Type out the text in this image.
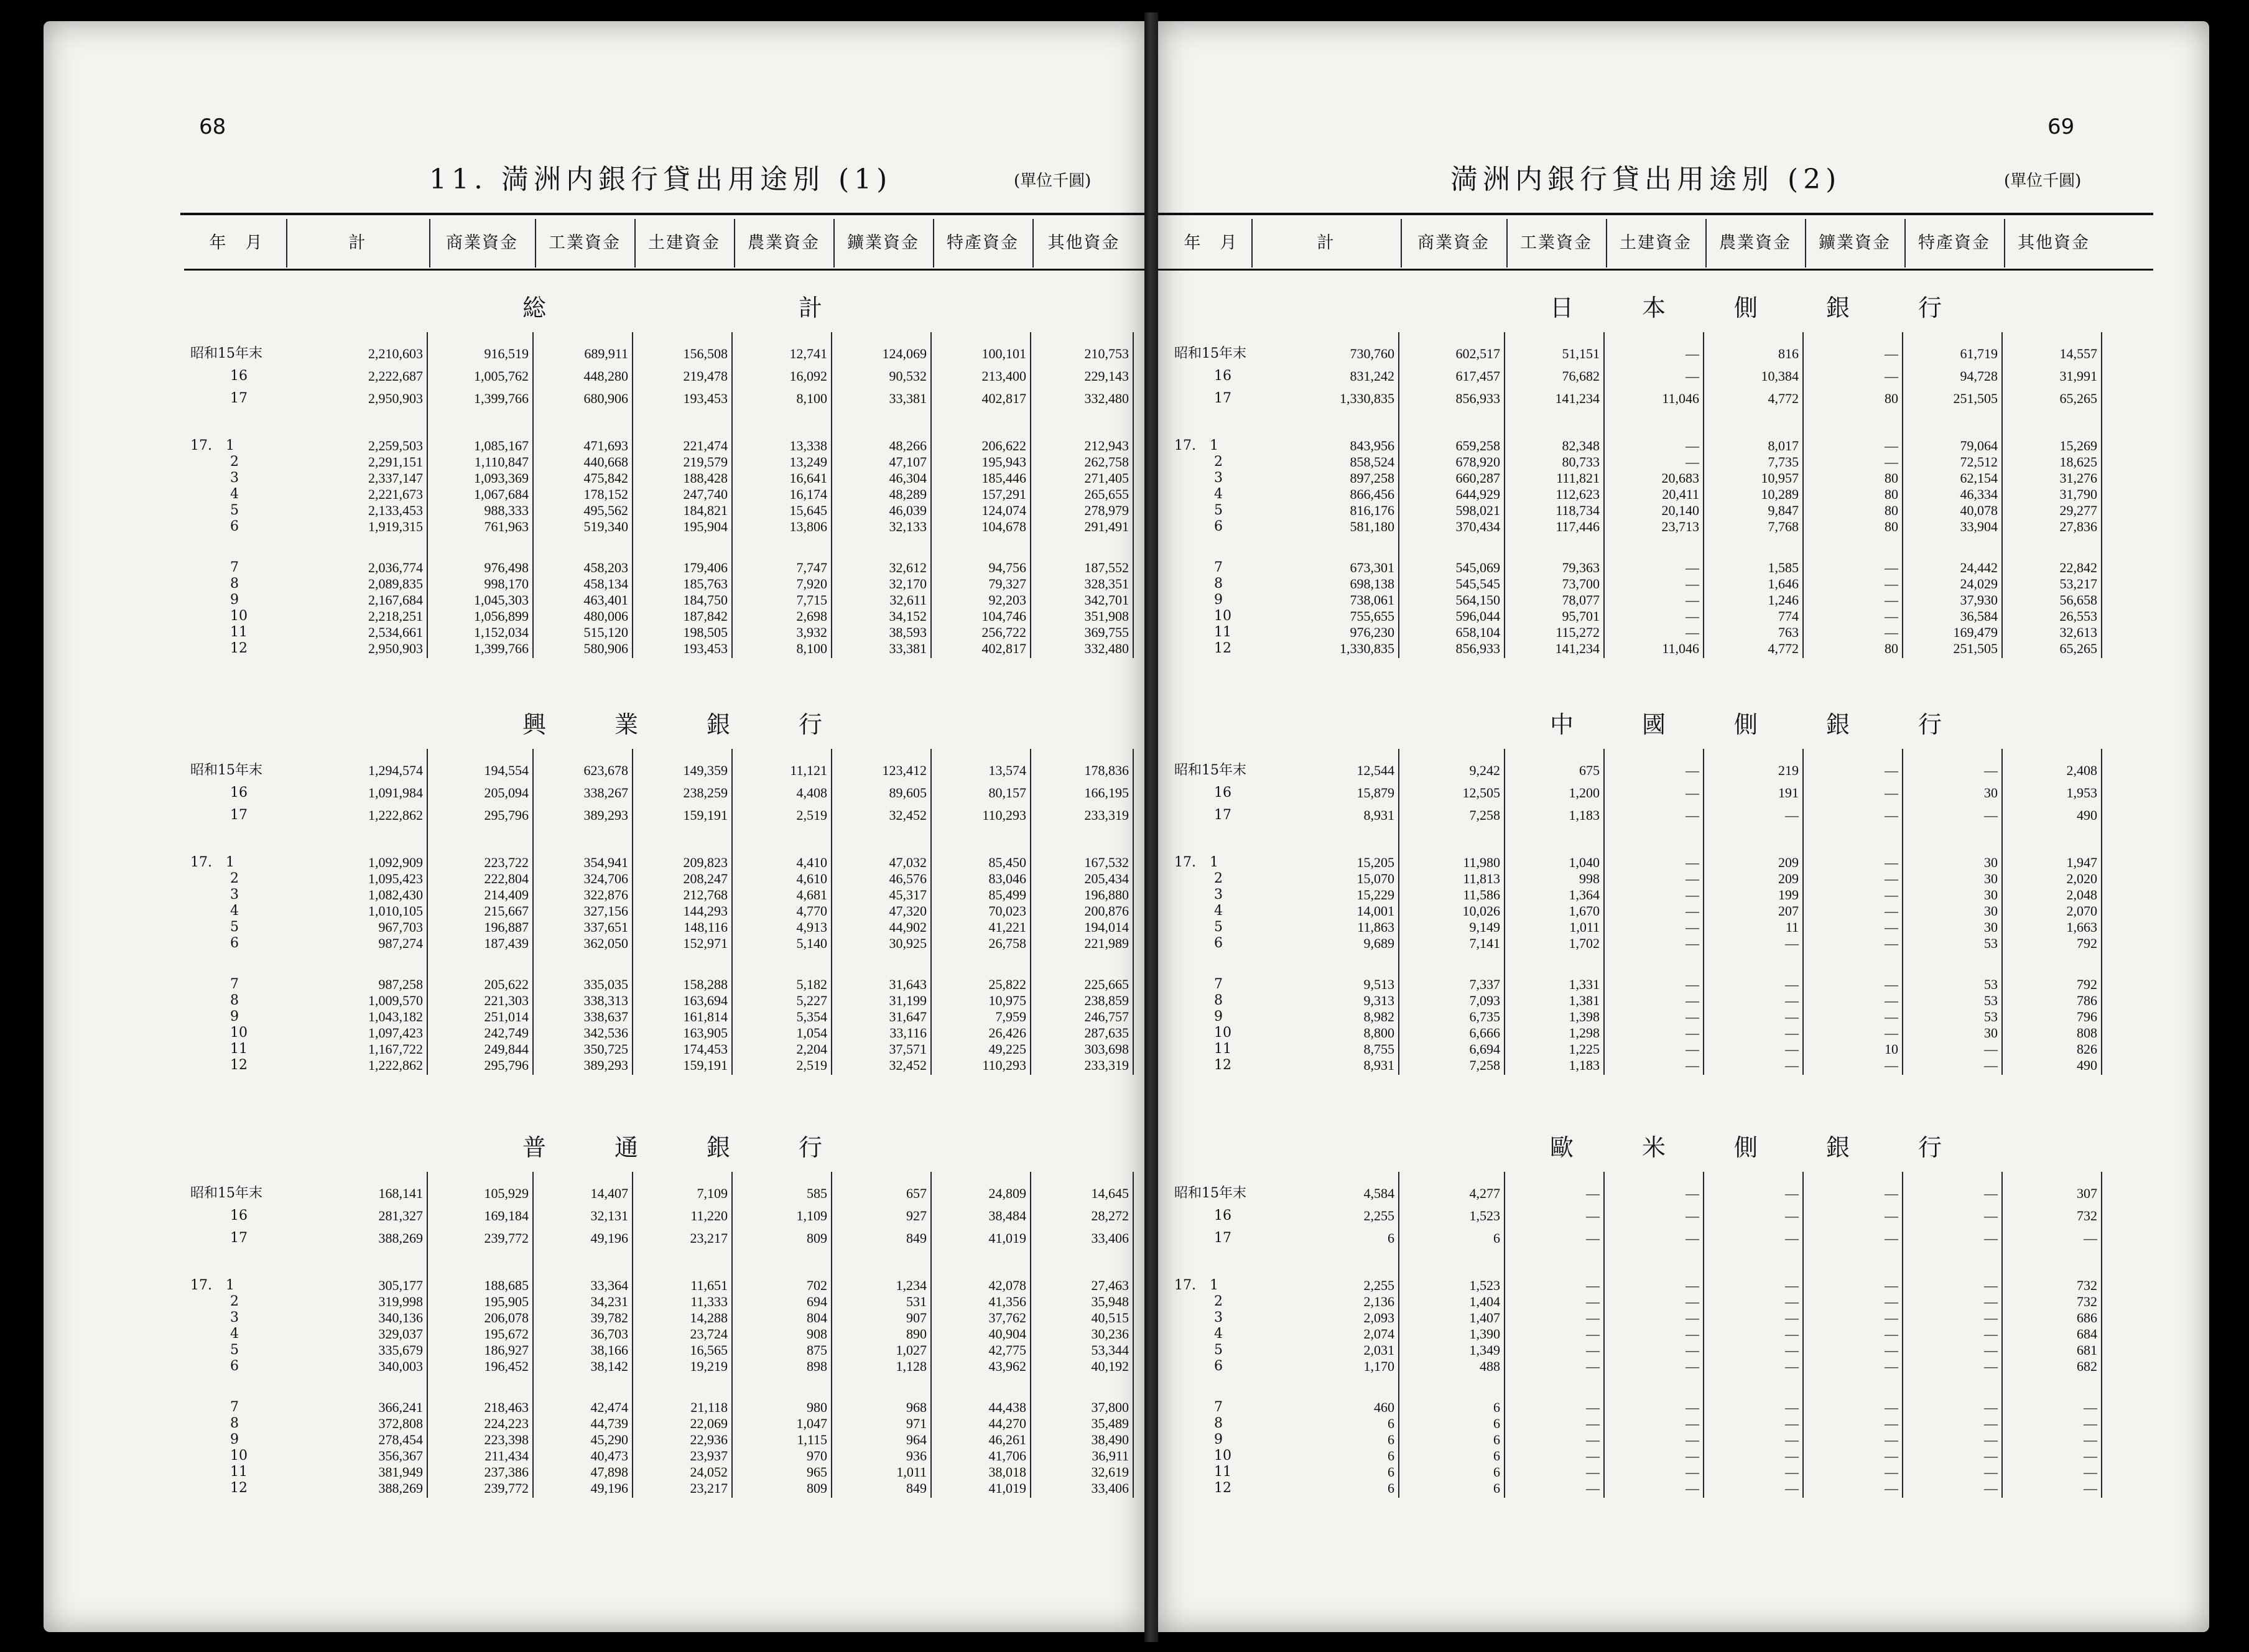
68
11. 満洲内銀行貸出用途別 (1)	(單位千圓)
年　月	計	商業資金	工業資金	土建資金	農業資金	鑛業資金	特產資金	其他資金
総　　計
昭和15年末	2,210,603	916,519	689,911	156,508	12,741	124,069	100,101	210,753
16	2,222,687	1,005,762	448,280	219,478	16,092	90,532	213,400	229,143
17	2,950,903	1,399,766	680,906	193,453	8,100	33,381	402,817	332,480
17.　1	2,259,503	1,085,167	471,693	221,474	13,338	48,266	206,622	212,943
2	2,291,151	1,110,847	440,668	219,579	13,249	47,107	195,943	262,758
3	2,337,147	1,093,369	475,842	188,428	16,641	46,304	185,446	271,405
4	2,221,673	1,067,684	178,152	247,740	16,174	48,289	157,291	265,655
5	2,133,453	988,333	495,562	184,821	15,645	46,039	124,074	278,979
6	1,919,315	761,963	519,340	195,904	13,806	32,133	104,678	291,491
7	2,036,774	976,498	458,203	179,406	7,747	32,612	94,756	187,552
8	2,089,835	998,170	458,134	185,763	7,920	32,170	79,327	328,351
9	2,167,684	1,045,303	463,401	184,750	7,715	32,611	92,203	342,701
10	2,218,251	1,056,899	480,006	187,842	2,698	34,152	104,746	351,908
11	2,534,661	1,152,034	515,120	198,505	3,932	38,593	256,722	369,755
12	2,950,903	1,399,766	580,906	193,453	8,100	33,381	402,817	332,480
興業銀行
昭和15年末	1,294,574	194,554	623,678	149,359	11,121	123,412	13,574	178,836
16	1,091,984	205,094	338,267	238,259	4,408	89,605	80,157	166,195
17	1,222,862	295,796	389,293	159,191	2,519	32,452	110,293	233,319
17.　1	1,092,909	223,722	354,941	209,823	4,410	47,032	85,450	167,532
2	1,095,423	222,804	324,706	208,247	4,610	46,576	83,046	205,434
3	1,082,430	214,409	322,876	212,768	4,681	45,317	85,499	196,880
4	1,010,105	215,667	327,156	144,293	4,770	47,320	70,023	200,876
5	967,703	196,887	337,651	148,116	4,913	44,902	41,221	194,014
6	987,274	187,439	362,050	152,971	5,140	30,925	26,758	221,989
7	987,258	205,622	335,035	158,288	5,182	31,643	25,822	225,665
8	1,009,570	221,303	338,313	163,694	5,227	31,199	10,975	238,859
9	1,043,182	251,014	338,637	161,814	5,354	31,647	7,959	246,757
10	1,097,423	242,749	342,536	163,905	1,054	33,116	26,426	287,635
11	1,167,722	249,844	350,725	174,453	2,204	37,571	49,225	303,698
12	1,222,862	295,796	389,293	159,191	2,519	32,452	110,293	233,319
普通銀行
昭和15年末	168,141	105,929	14,407	7,109	585	657	24,809	14,645
16	281,327	169,184	32,131	11,220	1,109	927	38,484	28,272
17	388,269	239,772	49,196	23,217	809	849	41,019	33,406
17.　1	305,177	188,685	33,364	11,651	702	1,234	42,078	27,463
2	319,998	195,905	34,231	11,333	694	531	41,356	35,948
3	340,136	206,078	39,782	14,288	804	907	37,762	40,515
4	329,037	195,672	36,703	23,724	908	890	40,904	30,236
5	335,679	186,927	38,166	16,565	875	1,027	42,775	53,344
6	340,003	196,452	38,142	19,219	898	1,128	43,962	40,192
7	366,241	218,463	42,474	21,118	980	968	44,438	37,800
8	372,808	224,223	44,739	22,069	1,047	971	44,270	35,489
9	278,454	223,398	45,290	22,936	1,115	964	46,261	38,490
10	356,367	211,434	40,473	23,937	970	936	41,706	36,911
11	381,949	237,386	47,898	24,052	965	1,011	38,018	32,619
12	388,269	239,772	49,196	23,217	809	849	41,019	33,406
69
満洲内銀行貸出用途別 (2)	(單位千圓)
年　月	計	商業資金	工業資金	土建資金	農業資金	鑛業資金	特產資金	其他資金
日本側銀行
昭和15年末	730,760	602,517	51,151	—	816	—	61,719	14,557
16	831,242	617,457	76,682	—	10,384	—	94,728	31,991
17	1,330,835	856,933	141,234	11,046	4,772	80	251,505	65,265
17.　1	843,956	659,258	82,348	—	8,017	—	79,064	15,269
2	858,524	678,920	80,733	—	7,735	—	72,512	18,625
3	897,258	660,287	111,821	20,683	10,957	80	62,154	31,276
4	866,456	644,929	112,623	20,411	10,289	80	46,334	31,790
5	816,176	598,021	118,734	20,140	9,847	80	40,078	29,277
6	581,180	370,434	117,446	23,713	7,768	80	33,904	27,836
7	673,301	545,069	79,363	—	1,585	—	24,442	22,842
8	698,138	545,545	73,700	—	1,646	—	24,029	53,217
9	738,061	564,150	78,077	—	1,246	—	37,930	56,658
10	755,655	596,044	95,701	—	774	—	36,584	26,553
11	976,230	658,104	115,272	—	763	—	169,479	32,613
12	1,330,835	856,933	141,234	11,046	4,772	80	251,505	65,265
中國側銀行
昭和15年末	12,544	9,242	675	—	219	—	—	2,408
16	15,879	12,505	1,200	—	191	—	30	1,953
17	8,931	7,258	1,183	—	—	—	—	490
17.　1	15,205	11,980	1,040	—	209	—	30	1,947
2	15,070	11,813	998	—	209	—	30	2,020
3	15,229	11,586	1,364	—	199	—	30	2,048
4	14,001	10,026	1,670	—	207	—	30	2,070
5	11,863	9,149	1,011	—	11	—	30	1,663
6	9,689	7,141	1,702	—	—	—	53	792
7	9,513	7,337	1,331	—	—	—	53	792
8	9,313	7,093	1,381	—	—	—	53	786
9	8,982	6,735	1,398	—	—	—	53	796
10	8,800	6,666	1,298	—	—	—	30	808
11	8,755	6,694	1,225	—	—	10	—	826
12	8,931	7,258	1,183	—	—	—	—	490
歐米側銀行
昭和15年末	4,584	4,277	—	—	—	—	—	307
16	2,255	1,523	—	—	—	—	—	732
17	6	6	—	—	—	—	—	—
17.　1	2,255	1,523	—	—	—	—	—	732
2	2,136	1,404	—	—	—	—	—	732
3	2,093	1,407	—	—	—	—	—	686
4	2,074	1,390	—	—	—	—	—	684
5	2,031	1,349	—	—	—	—	—	681
6	1,170	488	—	—	—	—	—	682
7	460	6	—	—	—	—	—	—
8	6	6	—	—	—	—	—	—
9	6	6	—	—	—	—	—	—
10	6	6	—	—	—	—	—	—
11	6	6	—	—	—	—	—	—
12	6	6	—	—	—	—	—	—
